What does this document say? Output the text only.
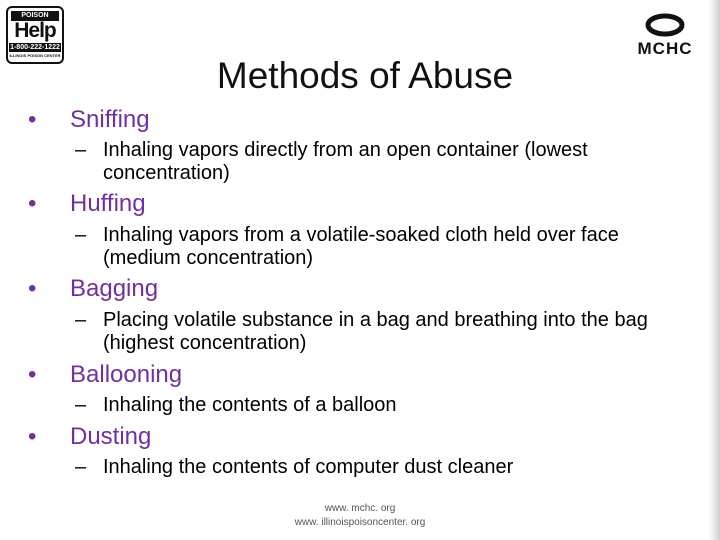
POISON
Help
1-800-222-1222
ILLINOIS POISON CENTER	MCHC
Methods of Abuse
• Sniffing
– Inhaling vapors directly from an open container (lowest concentration)
• Huffing
– Inhaling vapors from a volatile-soaked cloth held over face (medium concentration)
• Bagging
– Placing volatile substance in a bag and breathing into the bag (highest concentration)
• Ballooning
– Inhaling the contents of a balloon
• Dusting
– Inhaling the contents of computer dust cleaner
www. mchc. org
www. illinoispoisoncenter. org
